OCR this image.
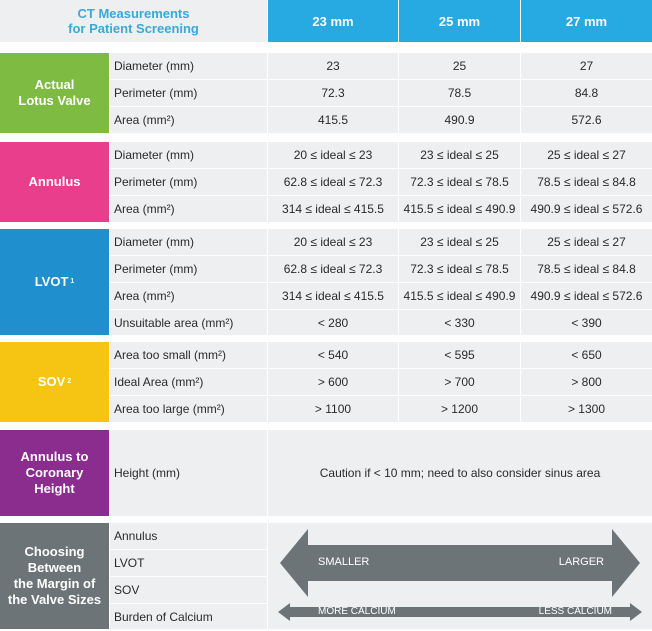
CT Measurements
for Patient Screening	23 mm	25 mm	27 mm
Actual
Lotus Valve
Diameter (mm)	23	25	27
Perimeter (mm)	72.3	78.5	84.8
Area (mm²)	415.5	490.9	572.6
Annulus
Diameter (mm)	20 ≤ ideal ≤ 23	23 ≤ ideal ≤ 25	25 ≤ ideal ≤ 27
Perimeter (mm)	62.8 ≤ ideal ≤ 72.3	72.3 ≤ ideal ≤ 78.5	78.5 ≤ ideal ≤ 84.8
Area (mm²)	314 ≤ ideal ≤ 415.5	415.5 ≤ ideal ≤ 490.9	490.9 ≤ ideal ≤ 572.6
LVOT 1
Diameter (mm)	20 ≤ ideal ≤ 23	23 ≤ ideal ≤ 25	25 ≤ ideal ≤ 27
Perimeter (mm)	62.8 ≤ ideal ≤ 72.3	72.3 ≤ ideal ≤ 78.5	78.5 ≤ ideal ≤ 84.8
Area (mm²)	314 ≤ ideal ≤ 415.5	415.5 ≤ ideal ≤ 490.9	490.9 ≤ ideal ≤ 572.6
Unsuitable area (mm²)	< 280	< 330	< 390
SOV 2
Area too small (mm²)	< 540	< 595	< 650
Ideal Area (mm²)	> 600	> 700	> 800
Area too large (mm²)	> 1100	> 1200	> 1300
Annulus to
Coronary
Height
Height (mm)	Caution if < 10 mm; need to also consider sinus area
Choosing
Between
the Margin of
the Valve Sizes
Annulus
LVOT
SOV
Burden of Calcium
SMALLER	LARGER
MORE CALCIUM	LESS CALCIUM
